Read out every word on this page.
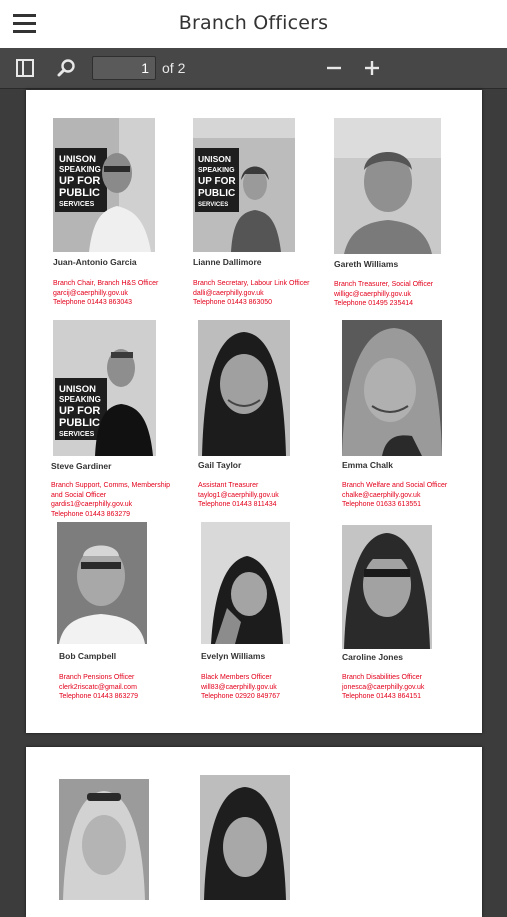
Branch Officers
1 of 2
UNISON
SPEAKING
UP FOR
PUBLIC
SERVICES
Juan-Antonio Garcia
Branch Chair, Branch H&S Officer
garcij@caerphilly.gov.uk
Telephone 01443 863043
UNISON
SPEAKING
UP FOR
PUBLIC
SERVICES
Lianne Dallimore
Branch Secretary, Labour Link Officer
dalli@caerphilly.gov.uk
Telephone 01443 863050
Gareth Williams
Branch Treasurer, Social Officer
willigc@caerphilly.gov.uk
Telephone 01495 235414
UNISON
SPEAKING
UP FOR
PUBLIC
SERVICES
Steve Gardiner
Branch Support, Comms, Membership
and Social Officer
gardis1@caerphilly.gov.uk
Telephone 01443 863279
Gail Taylor
Assistant Treasurer
taylog1@caerphilly.gov.uk
Telephone 01443 811434
Emma Chalk
Branch Welfare and Social Officer
chalke@caerphilly.gov.uk
Telephone 01633 613551
Bob Campbell
Branch Pensions Officer
clerk2riscatc@gmail.com
Telephone 01443 863279
Evelyn Williams
Black Members Officer
will83@caerphilly.gov.uk
Telephone 02920 849767
Caroline Jones
Branch Disabilities Officer
jonesca@caerphilly.gov.uk
Telephone 01443 864151
